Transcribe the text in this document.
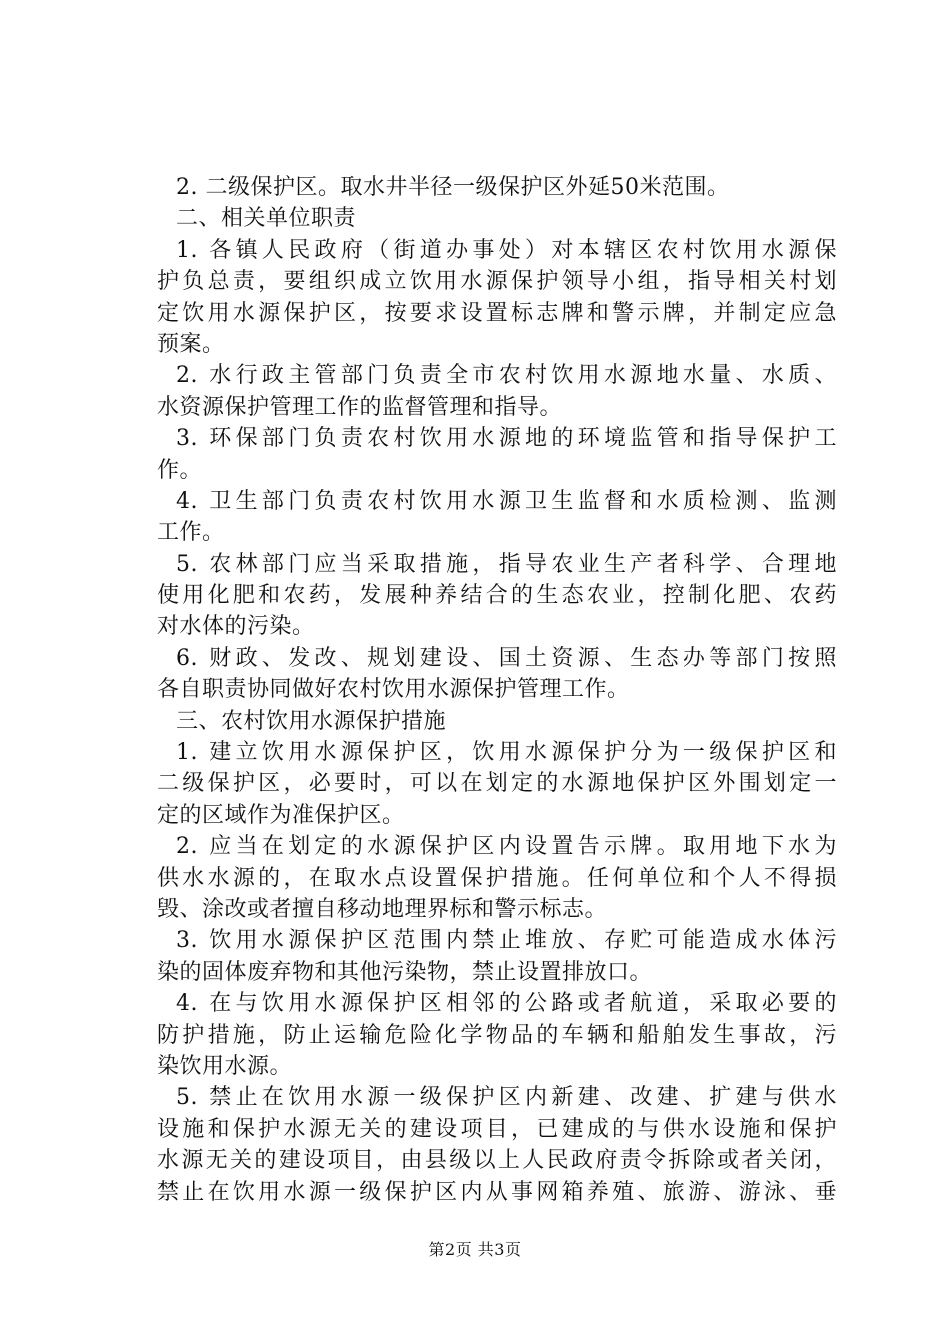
2. 二级保护区。取水井半径一级保护区外延50米范围。
二、相关单位职责
1. 各镇人民政府（街道办事处）对本辖区农村饮用水源保
护负总责，要组织成立饮用水源保护领导小组，指导相关村划
定饮用水源保护区，按要求设置标志牌和警示牌，并制定应急
预案。
2. 水行政主管部门负责全市农村饮用水源地水量、水质、
水资源保护管理工作的监督管理和指导。
3. 环保部门负责农村饮用水源地的环境监管和指导保护工
作。
4. 卫生部门负责农村饮用水源卫生监督和水质检测、监测
工作。
5. 农林部门应当采取措施，指导农业生产者科学、合理地
使用化肥和农药，发展种养结合的生态农业，控制化肥、农药
对水体的污染。
6. 财政、发改、规划建设、国土资源、生态办等部门按照
各自职责协同做好农村饮用水源保护管理工作。
三、农村饮用水源保护措施
1. 建立饮用水源保护区，饮用水源保护分为一级保护区和
二级保护区，必要时，可以在划定的水源地保护区外围划定一
定的区域作为准保护区。
2. 应当在划定的水源保护区内设置告示牌。取用地下水为
供水水源的，在取水点设置保护措施。任何单位和个人不得损
毁、涂改或者擅自移动地理界标和警示标志。
3. 饮用水源保护区范围内禁止堆放、存贮可能造成水体污
染的固体废弃物和其他污染物，禁止设置排放口。
4. 在与饮用水源保护区相邻的公路或者航道，采取必要的
防护措施，防止运输危险化学物品的车辆和船舶发生事故，污
染饮用水源。
5. 禁止在饮用水源一级保护区内新建、改建、扩建与供水
设施和保护水源无关的建设项目，已建成的与供水设施和保护
水源无关的建设项目，由县级以上人民政府责令拆除或者关闭，
禁止在饮用水源一级保护区内从事网箱养殖、旅游、游泳、垂
第2页 共3页
